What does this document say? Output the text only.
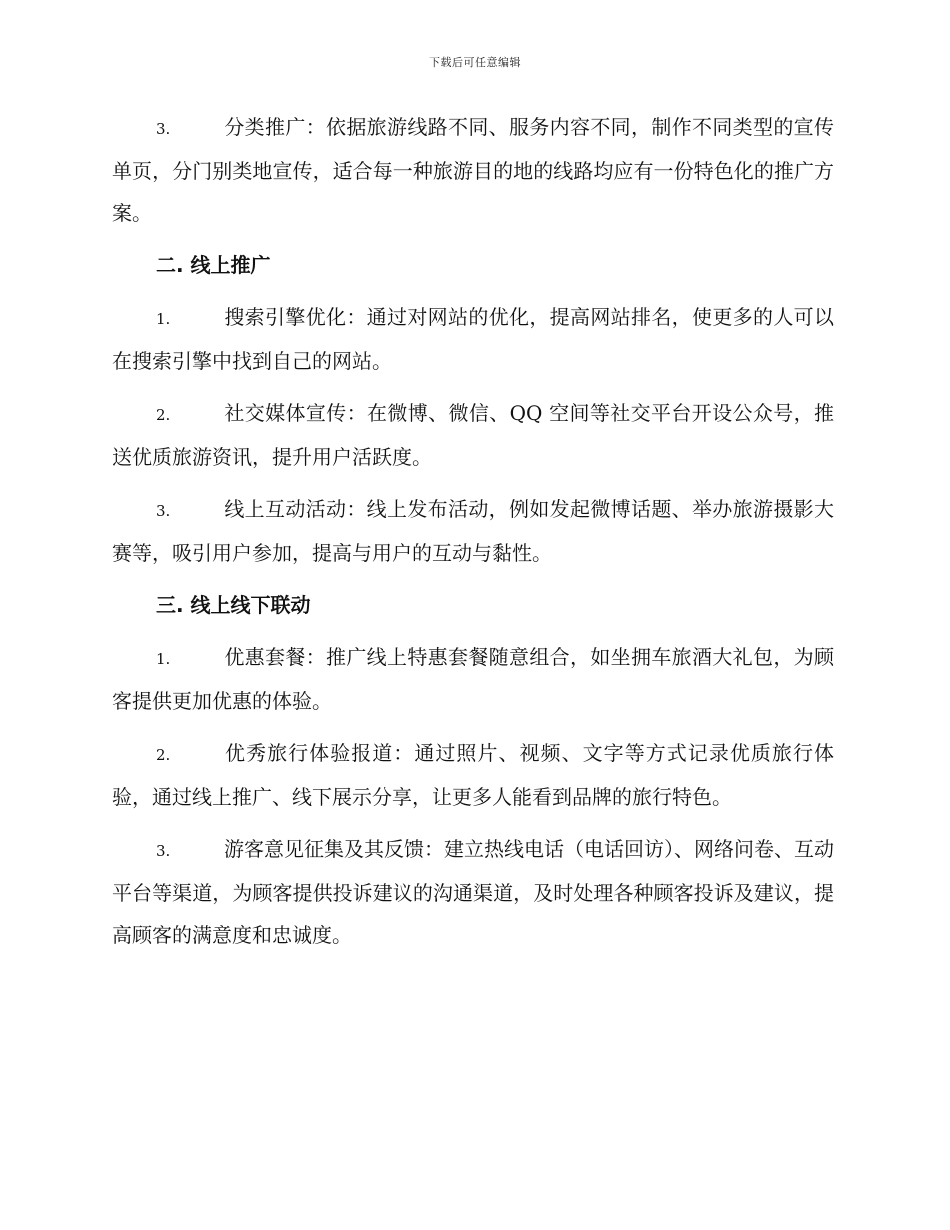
下载后可任意编辑

3.	分类推广：依据旅游线路不同、服务内容不同，制作不同类型的宣传单页，分门别类地宣传，适合每一种旅游目的地的线路均应有一份特色化的推广方案。

二. 线上推广

1.	搜索引擎优化：通过对网站的优化，提高网站排名，使更多的人可以在搜索引擎中找到自己的网站。

2.	社交媒体宣传：在微博、微信、QQ 空间等社交平台开设公众号，推送优质旅游资讯，提升用户活跃度。

3.	线上互动活动：线上发布活动，例如发起微博话题、举办旅游摄影大赛等，吸引用户参加，提高与用户的互动与黏性。

三. 线上线下联动

1.	优惠套餐：推广线上特惠套餐随意组合，如坐拥车旅酒大礼包，为顾客提供更加优惠的体验。

2.	优秀旅行体验报道：通过照片、视频、文字等方式记录优质旅行体验，通过线上推广、线下展示分享，让更多人能看到品牌的旅行特色。

3.	游客意见征集及其反馈：建立热线电话（电话回访）、网络问卷、互动平台等渠道，为顾客提供投诉建议的沟通渠道，及时处理各种顾客投诉及建议，提高顾客的满意度和忠诚度。
